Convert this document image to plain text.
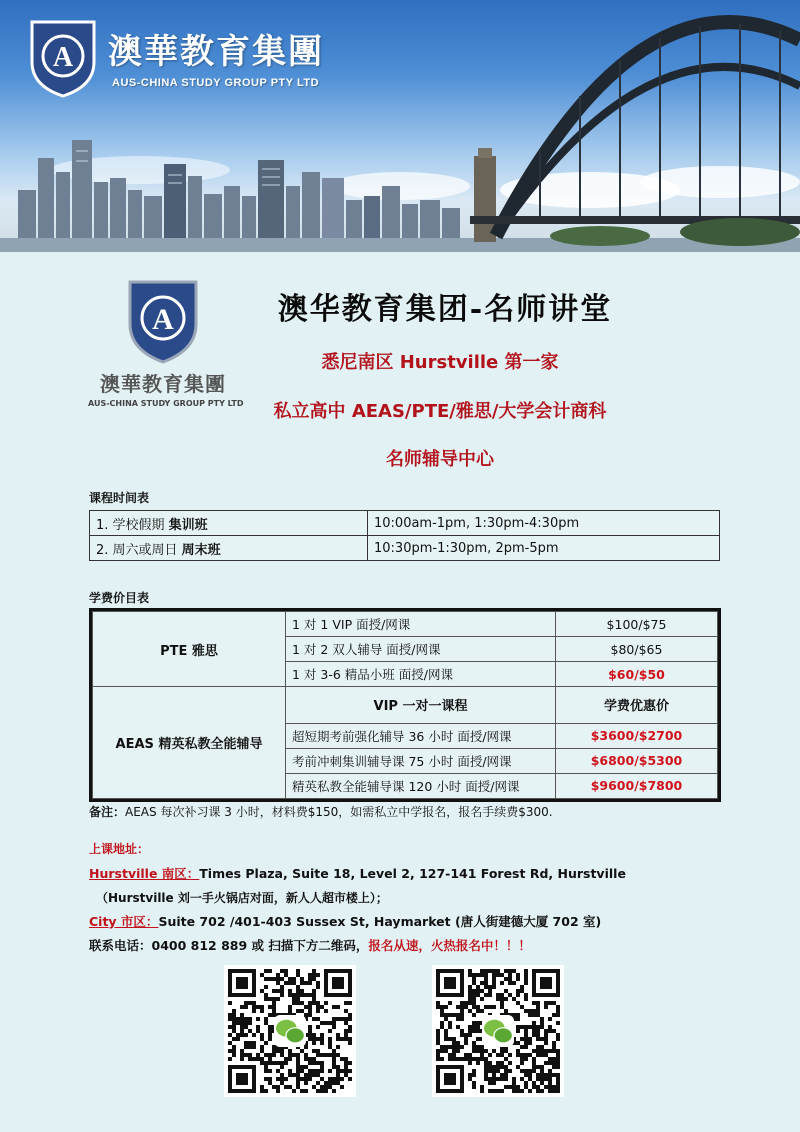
A 澳華教育集團
AUS-CHINA STUDY GROUP PTY LTD
A
澳華教育集團
AUS-CHINA STUDY GROUP PTY LTD
澳华教育集团-名师讲堂
悉尼南区 Hurstville 第一家
私立高中 AEAS/PTE/雅思/大学会计商科
名师辅导中心
课程时间表
1. 学校假期 集训班	10:00am-1pm, 1:30pm-4:30pm
2. 周六或周日 周末班	10:30pm-1:30pm, 2pm-5pm
学费价目表
PTE 雅思	1 对 1 VIP 面授/网课	$100/$75
	1 对 2 双人辅导 面授/网课	$80/$65
	1 对 3-6 精品小班 面授/网课	$60/$50
AEAS 精英私教全能辅导	VIP 一对一课程	学费优惠价
	超短期考前强化辅导 36 小时 面授/网课	$3600/$2700
	考前冲刺集训辅导课 75 小时 面授/网课	$6800/$5300
	精英私教全能辅导课 120 小时 面授/网课	$9600/$7800
备注：AEAS 每次补习课 3 小时，材料费$150，如需私立中学报名，报名手续费$300.
上课地址：
Hurstville 南区：Times Plaza, Suite 18, Level 2, 127-141 Forest Rd, Hurstville
（Hurstville 刘一手火锅店对面，新人人超市楼上）；
City 市区：Suite 702 /401-403 Sussex St, Haymarket (唐人街建德大厦 702 室)
联系电话：0400 812 889 或 扫描下方二维码，报名从速，火热报名中！！！
